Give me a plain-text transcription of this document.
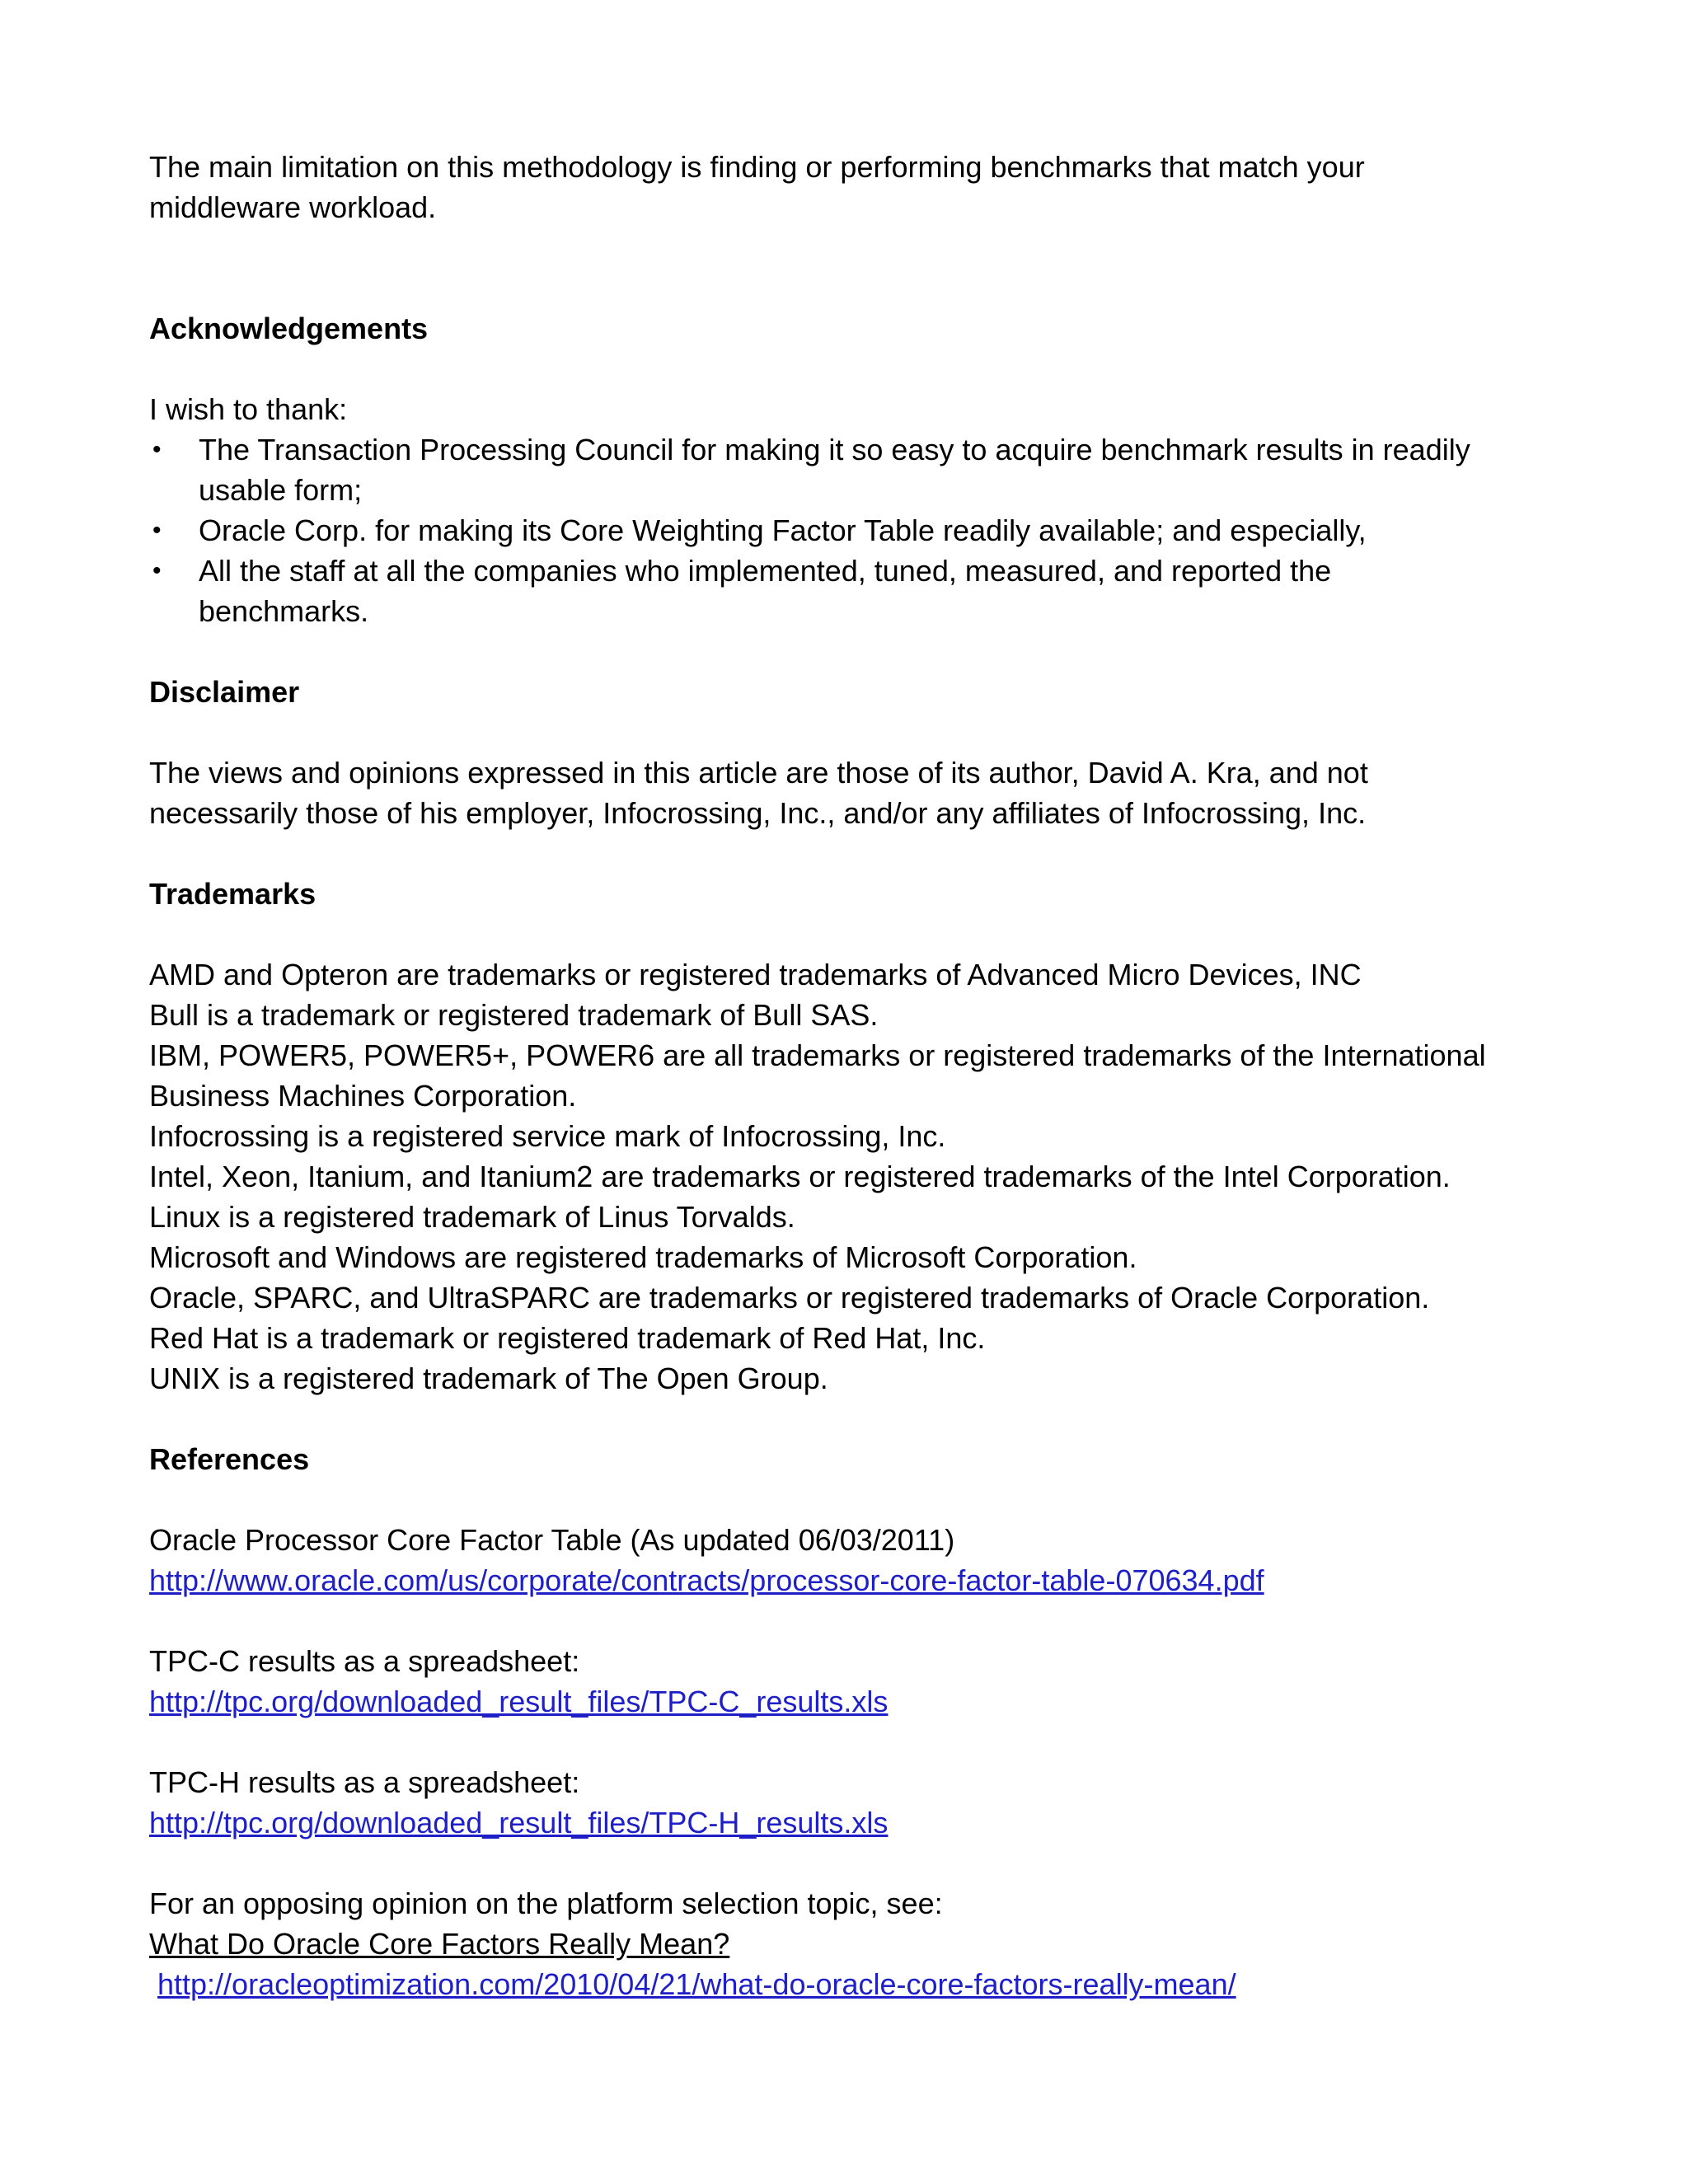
The main limitation on this methodology is finding or performing benchmarks that match your
middleware workload.

Acknowledgements

I wish to thank:

• The Transaction Processing Council for making it so easy to acquire benchmark results in readily
usable form;
• Oracle Corp. for making its Core Weighting Factor Table readily available; and especially,
• All the staff at all the companies who implemented, tuned, measured, and reported the
benchmarks.

Disclaimer

The views and opinions expressed in this article are those of its author, David A. Kra, and not
necessarily those of his employer, Infocrossing, Inc., and/or any affiliates of Infocrossing, Inc.

Trademarks

AMD and Opteron are trademarks or registered trademarks of Advanced Micro Devices, INC
Bull is a trademark or registered trademark of Bull SAS.
IBM, POWER5, POWER5+, POWER6 are all trademarks or registered trademarks of the International
Business Machines Corporation.
Infocrossing is a registered service mark of Infocrossing, Inc.
Intel, Xeon, Itanium, and Itanium2 are trademarks or registered trademarks of the Intel Corporation.
Linux is a registered trademark of Linus Torvalds.
Microsoft and Windows are registered trademarks of Microsoft Corporation.
Oracle, SPARC, and UltraSPARC are trademarks or registered trademarks of Oracle Corporation.
Red Hat is a trademark or registered trademark of Red Hat, Inc.
UNIX is a registered trademark of The Open Group.

References

Oracle Processor Core Factor Table (As updated 06/03/2011)
http://www.oracle.com/us/corporate/contracts/processor-core-factor-table-070634.pdf
TPC-C results as a spreadsheet:
http://tpc.org/downloaded_result_files/TPC-C_results.xls
TPC-H results as a spreadsheet:
http://tpc.org/downloaded_result_files/TPC-H_results.xls
For an opposing opinion on the platform selection topic, see:
What Do Oracle Core Factors Really Mean?
http://oracleoptimization.com/2010/04/21/what-do-oracle-core-factors-really-mean/
